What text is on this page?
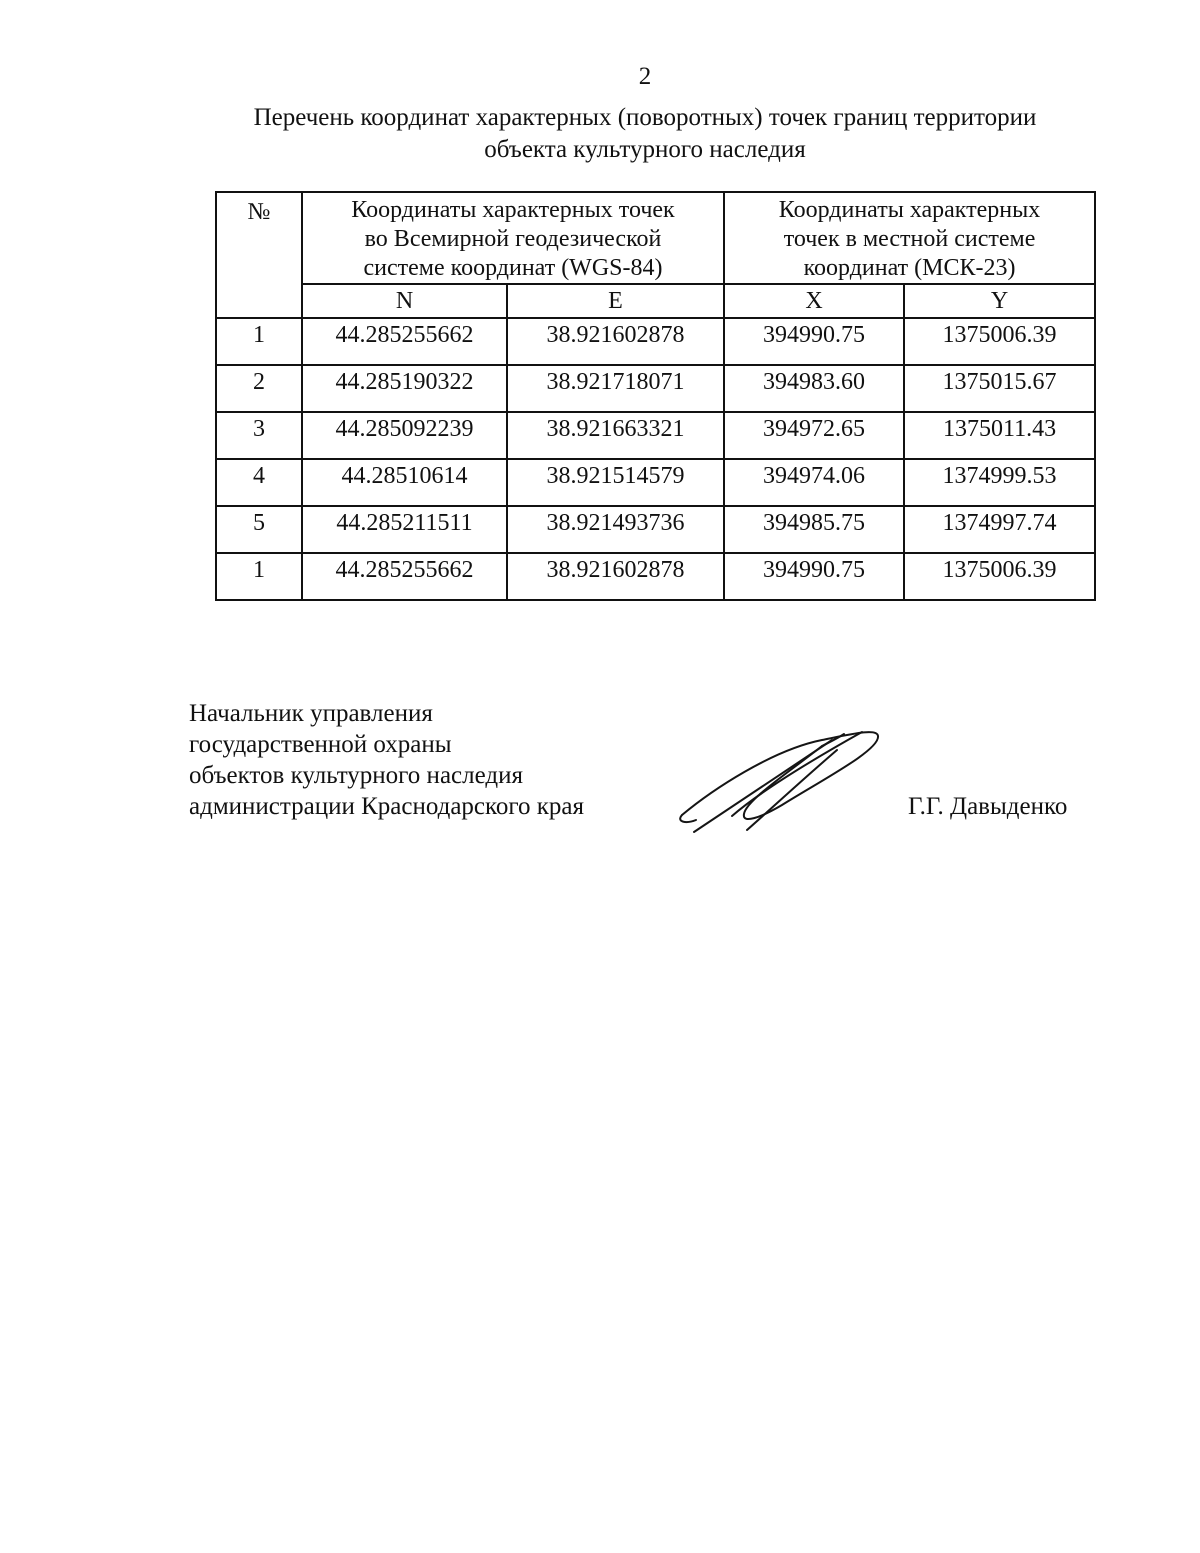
2
Перечень координат характерных (поворотных) точек границ территории
объекта культурного наследия
№	Координаты характерных точек
во Всемирной геодезической
системе координат (WGS-84)		Координаты характерных
точек в местной системе
координат (МСК-23)	

	N	E	X	Y
1	44.285255662	38.921602878	394990.75	1375006.39
2	44.285190322	38.921718071	394983.60	1375015.67
3	44.285092239	38.921663321	394972.65	1375011.43
4	44.28510614	38.921514579	394974.06	1374999.53
5	44.285211511	38.921493736	394985.75	1374997.74
1	44.285255662	38.921602878	394990.75	1375006.39
Начальник управления
государственной охраны
объектов культурного наследия
администрации Краснодарского края	Г.Г. Давыденко
